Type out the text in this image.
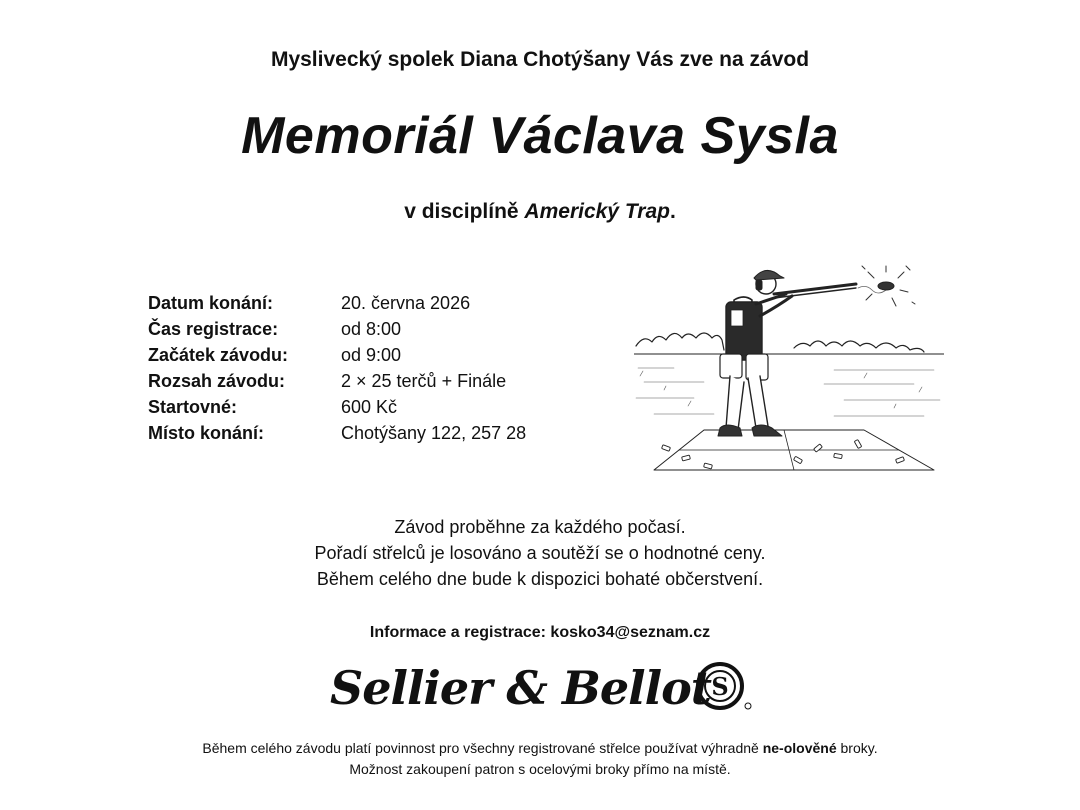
Myslivecký spolek Diana Chotýšany Vás zve na závod
Memoriál Václava Sysla
v disciplíně Americký Trap.
Datum konání:	20. června 2026
Čas registrace:	od 8:00
Začátek závodu:	od 9:00
Rozsah závodu:	2 × 25 terčů + Finále
Startovné:	600 Kč
Místo konání:	Chotýšany 122, 257 28
Závod proběhne za každého počasí.
Pořadí střelců je losováno a soutěží se o hodnotné ceny.
Během celého dne bude k dispozici bohaté občerstvení.
Informace a registrace: kosko34@seznam.cz
Sellier & Bellot S
Během celého závodu platí povinnost pro všechny registrované střelce používat výhradně ne-olověné broky.
Možnost zakoupení patron s ocelovými broky přímo na místě.
